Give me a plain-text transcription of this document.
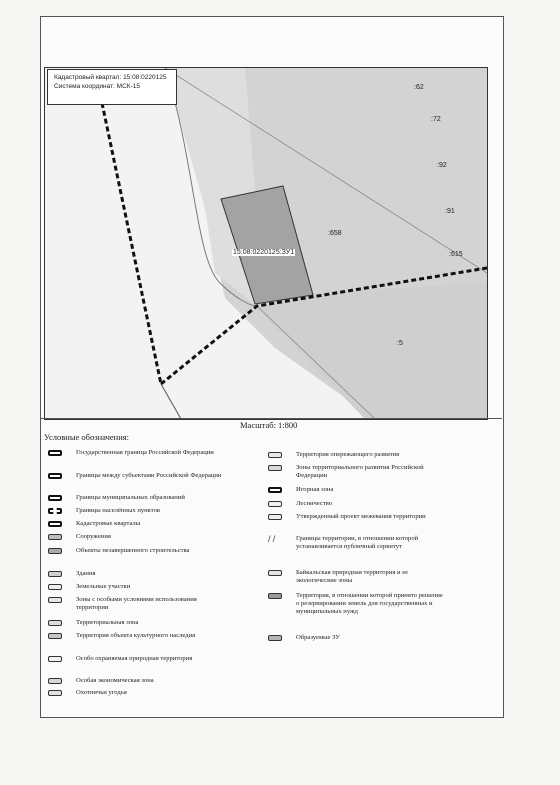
:62
:72
:92
:91
:615
:658
:5
15:08:0220125:ЗУ1
Кадастровый квартал: 15:08:0220125
Система координат: МСК-15
Масштаб: 1:800
Условные обозначения:
Государственная граница Российской Федерации
Границы между субъектами Российской Федерации
Границы муниципальных образований
Границы населённых пунктов
Кадастровые кварталы
Сооружения
Объекты незавершенного строительства
Здания
Земельные участки
Зоны с особыми условиями использования территории
Территориальная зона
Территория объекта культурного наследия
Особо охраняемая природная территория
Особая экономическая зона
Охотничьи угодья
Территория опережающего развития
Зоны территориального развития Российской Федерации
Игорная зона
Лесничество
Утвержденный проект межевания территории
/ /	Границы территории, в отношении которой устанавливается публичный сервитут
Байкальская природная территория и ее экологические зоны
Территория, в отношении которой принято решение о резервировании земель для государственных и муниципальных нужд
Образуемые ЗУ
